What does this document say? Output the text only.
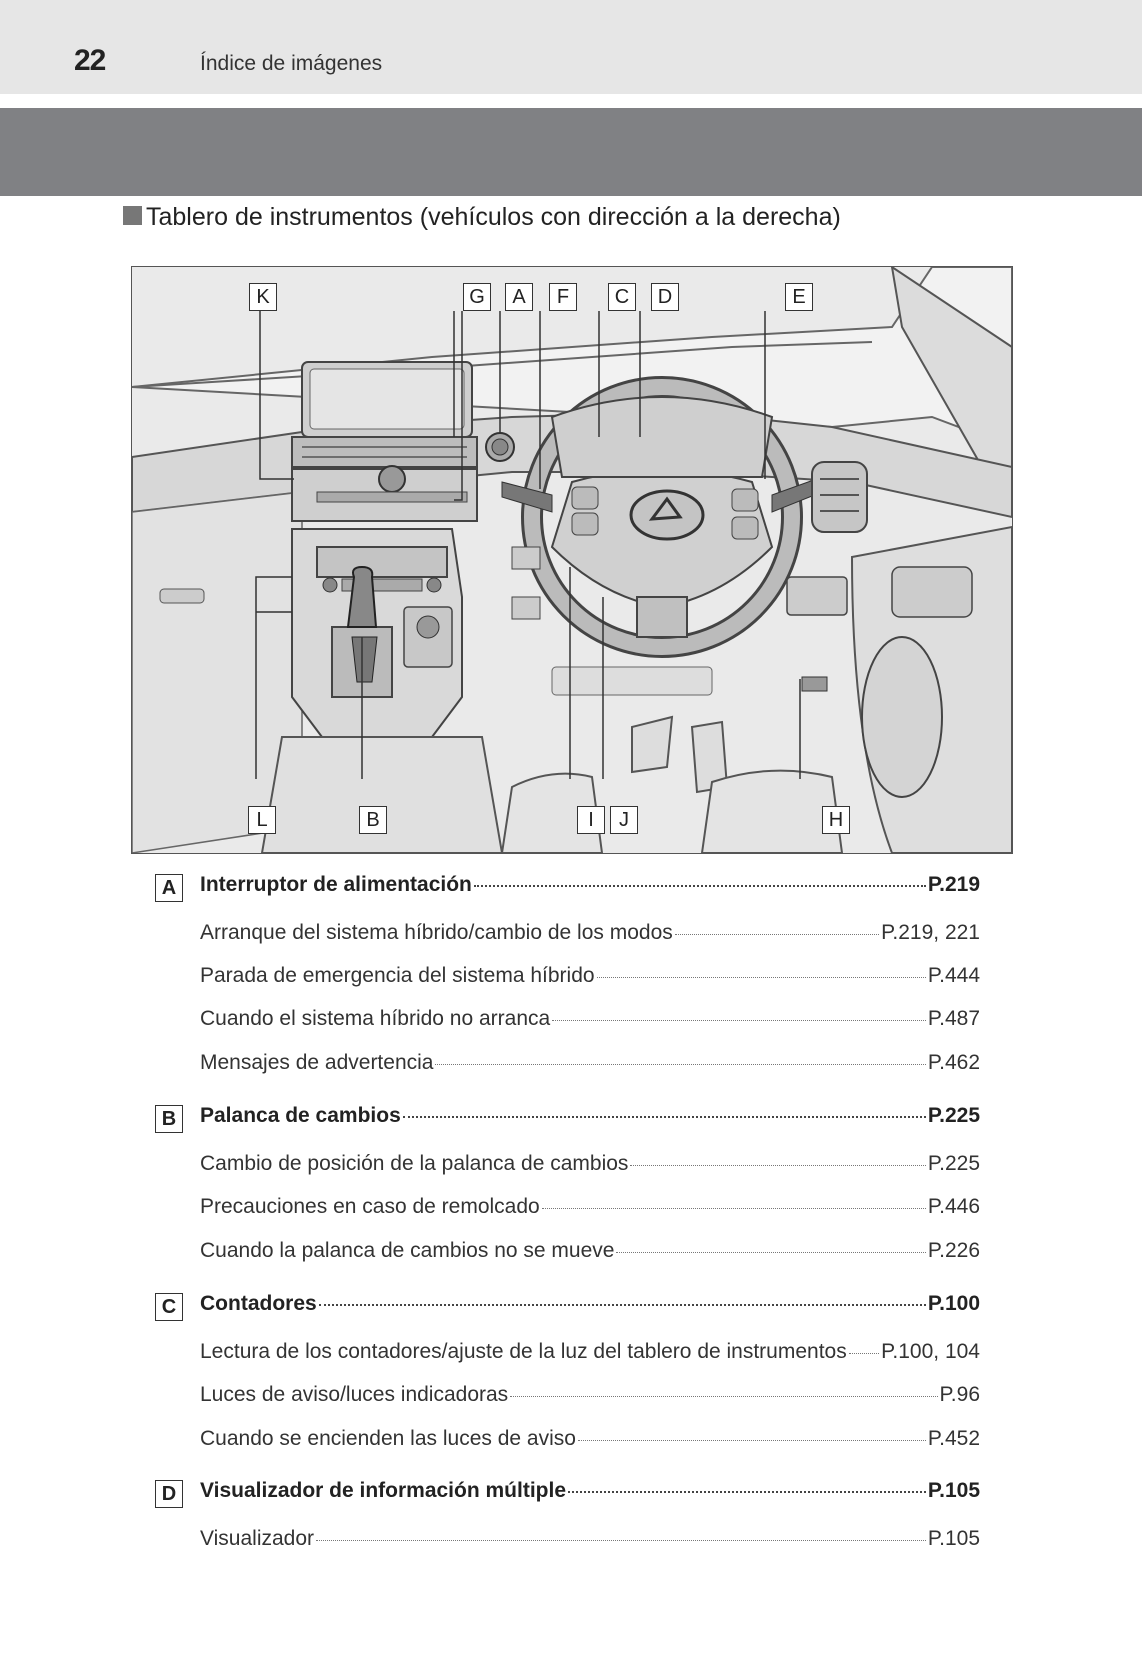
22	Índice de imágenes
Tablero de instrumentos (vehículos con dirección a la derecha)
K	G	A	F	C	D	E
L	B	I	J	H
A	Interruptor de alimentación	P.219
Arranque del sistema híbrido/cambio de los modos	P.219, 221
Parada de emergencia del sistema híbrido	P.444
Cuando el sistema híbrido no arranca	P.487
Mensajes de advertencia	P.462
B	Palanca de cambios	P.225
Cambio de posición de la palanca de cambios	P.225
Precauciones en caso de remolcado	P.446
Cuando la palanca de cambios no se mueve	P.226
C	Contadores	P.100
Lectura de los contadores/ajuste de la luz del tablero de instrumentos P.100, 104
Luces de aviso/luces indicadoras	P.96
Cuando se encienden las luces de aviso	P.452
D	Visualizador de información múltiple	P.105
Visualizador	P.105
